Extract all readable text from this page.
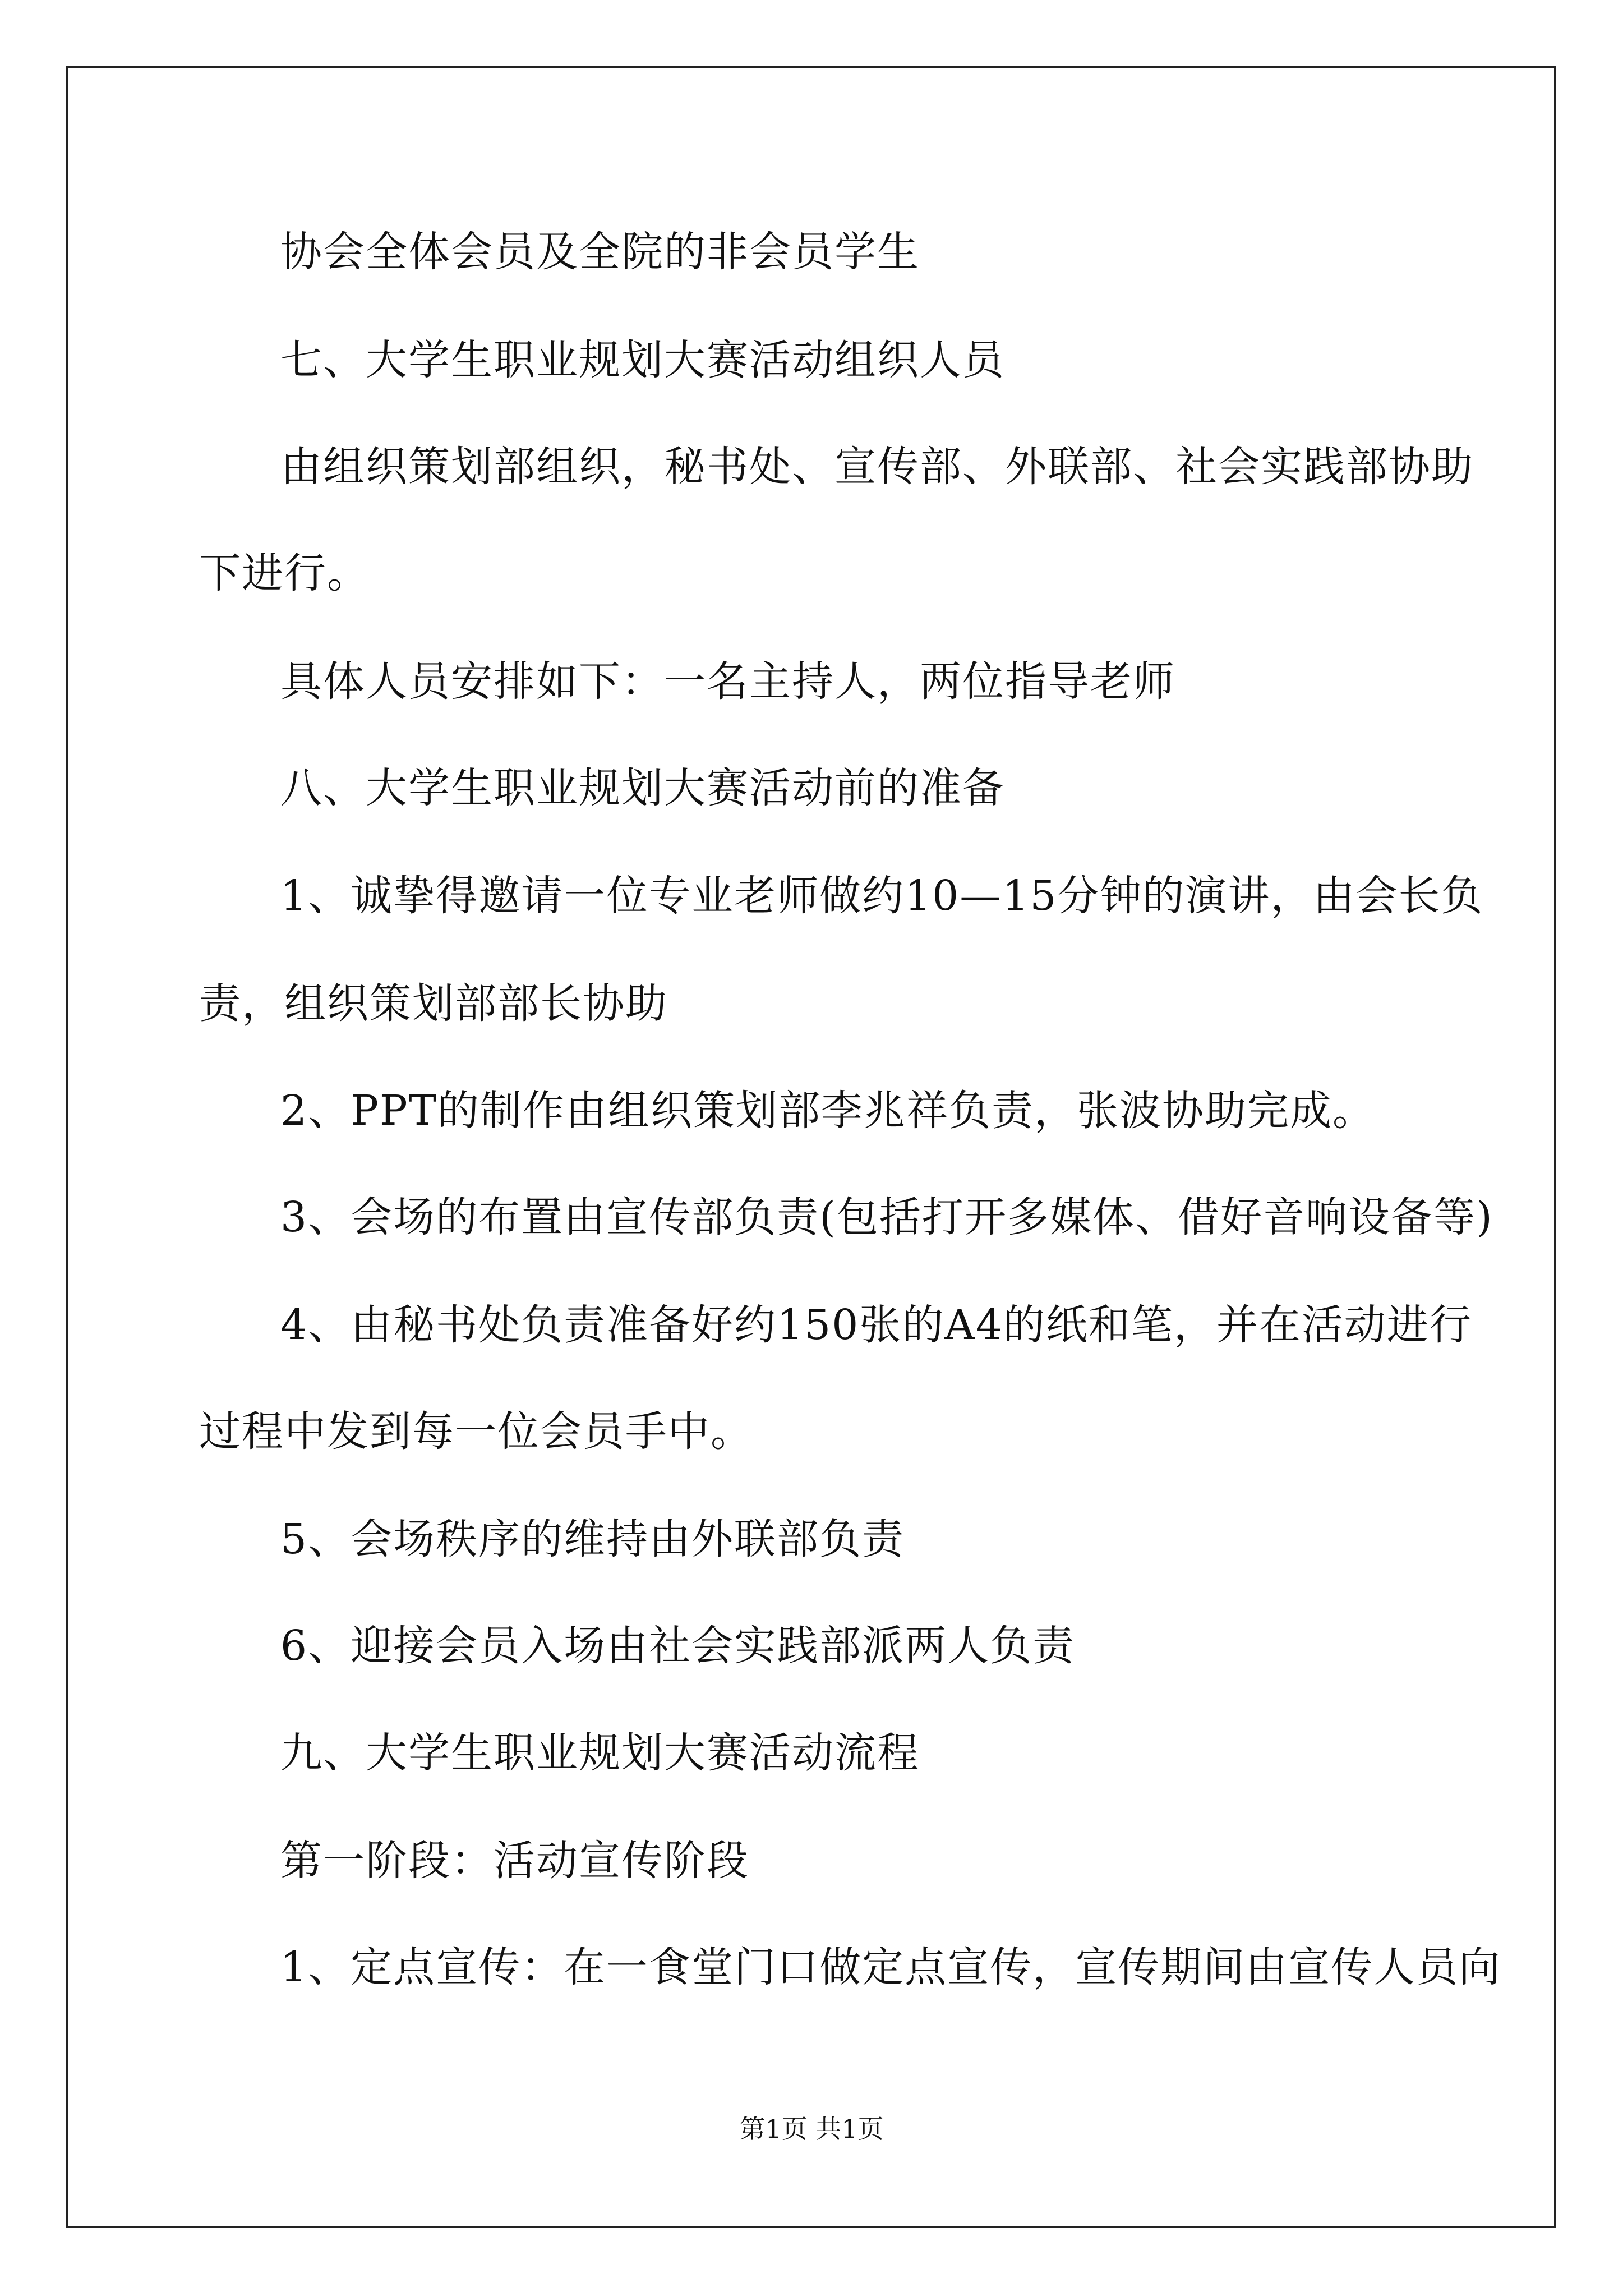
协会全体会员及全院的非会员学生
七、大学生职业规划大赛活动组织人员
由组织策划部组织，秘书处、宣传部、外联部、社会实践部协助
下进行。
具体人员安排如下：一名主持人，两位指导老师
八、大学生职业规划大赛活动前的准备
1、诚挚得邀请一位专业老师做约10—15分钟的演讲，由会长负
责，组织策划部部长协助
2、PPT的制作由组织策划部李兆祥负责，张波协助完成。
3、会场的布置由宣传部负责(包括打开多媒体、借好音响设备等)
4、由秘书处负责准备好约150张的A4的纸和笔，并在活动进行
过程中发到每一位会员手中。
5、会场秩序的维持由外联部负责
6、迎接会员入场由社会实践部派两人负责
九、大学生职业规划大赛活动流程
第一阶段：活动宣传阶段
1、定点宣传：在一食堂门口做定点宣传，宣传期间由宣传人员向
第1页 共1页
